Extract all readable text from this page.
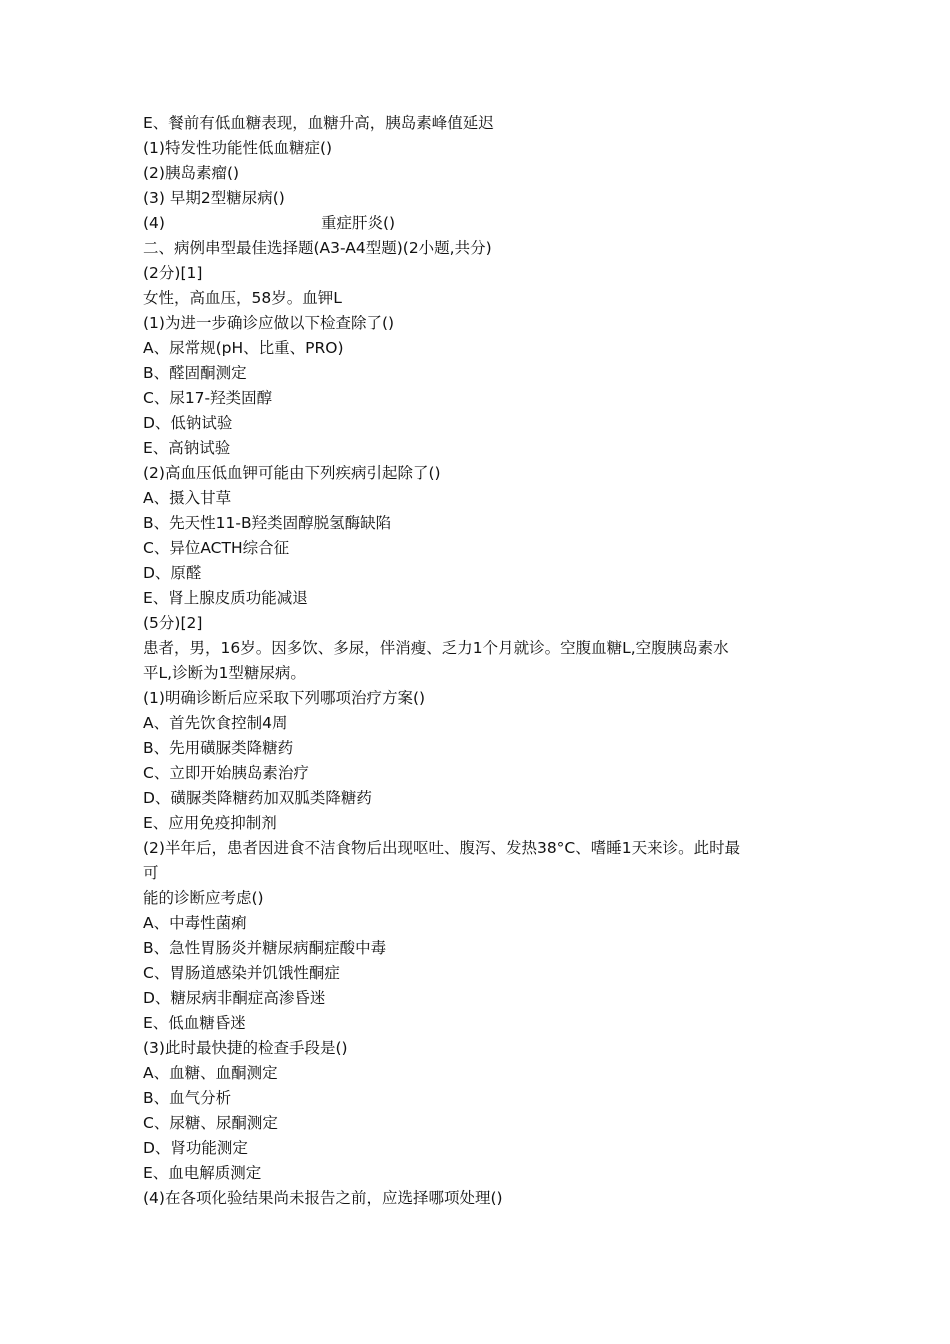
E、餐前有低血糖表现，血糖升高，胰岛素峰值延迟
(1)特发性功能性低血糖症()
(2)胰岛素瘤()
(3) 早期2型糖尿病()
(4)	重症肝炎()
二、病例串型最佳选择题(A3-A4型题)(2小题,共分)
(2分)[1]
女性，高血压，58岁。血钾L
(1)为进一步确诊应做以下检查除了()
A、尿常规(pH、比重、PRO)
B、醛固酮测定
C、尿17-羟类固醇
D、低钠试验
E、高钠试验
(2)高血压低血钾可能由下列疾病引起除了()
A、摄入甘草
B、先天性11-B羟类固醇脱氢酶缺陷
C、异位ACTH综合征
D、原醛
E、肾上腺皮质功能减退
(5分)[2]
患者，男，16岁。因多饮、多尿，伴消瘦、乏力1个月就诊。空腹血糖L,空腹胰岛素水
平L,诊断为1型糖尿病。
(1)明确诊断后应采取下列哪项治疗方案()
A、首先饮食控制4周
B、先用磺脲类降糖药
C、立即开始胰岛素治疗
D、磺脲类降糖药加双胍类降糖药
E、应用免疫抑制剂
(2)半年后，患者因进食不洁食物后出现呕吐、腹泻、发热38°C、嗜睡1天来诊。此时最
可
能的诊断应考虑()
A、中毒性菌痢
B、急性胃肠炎并糖尿病酮症酸中毒
C、胃肠道感染并饥饿性酮症
D、糖尿病非酮症高渗昏迷
E、低血糖昏迷
(3)此时最快捷的检查手段是()
A、血糖、血酮测定
B、血气分析
C、尿糖、尿酮测定
D、肾功能测定
E、血电解质测定
(4)在各项化验结果尚未报告之前，应选择哪项处理()
